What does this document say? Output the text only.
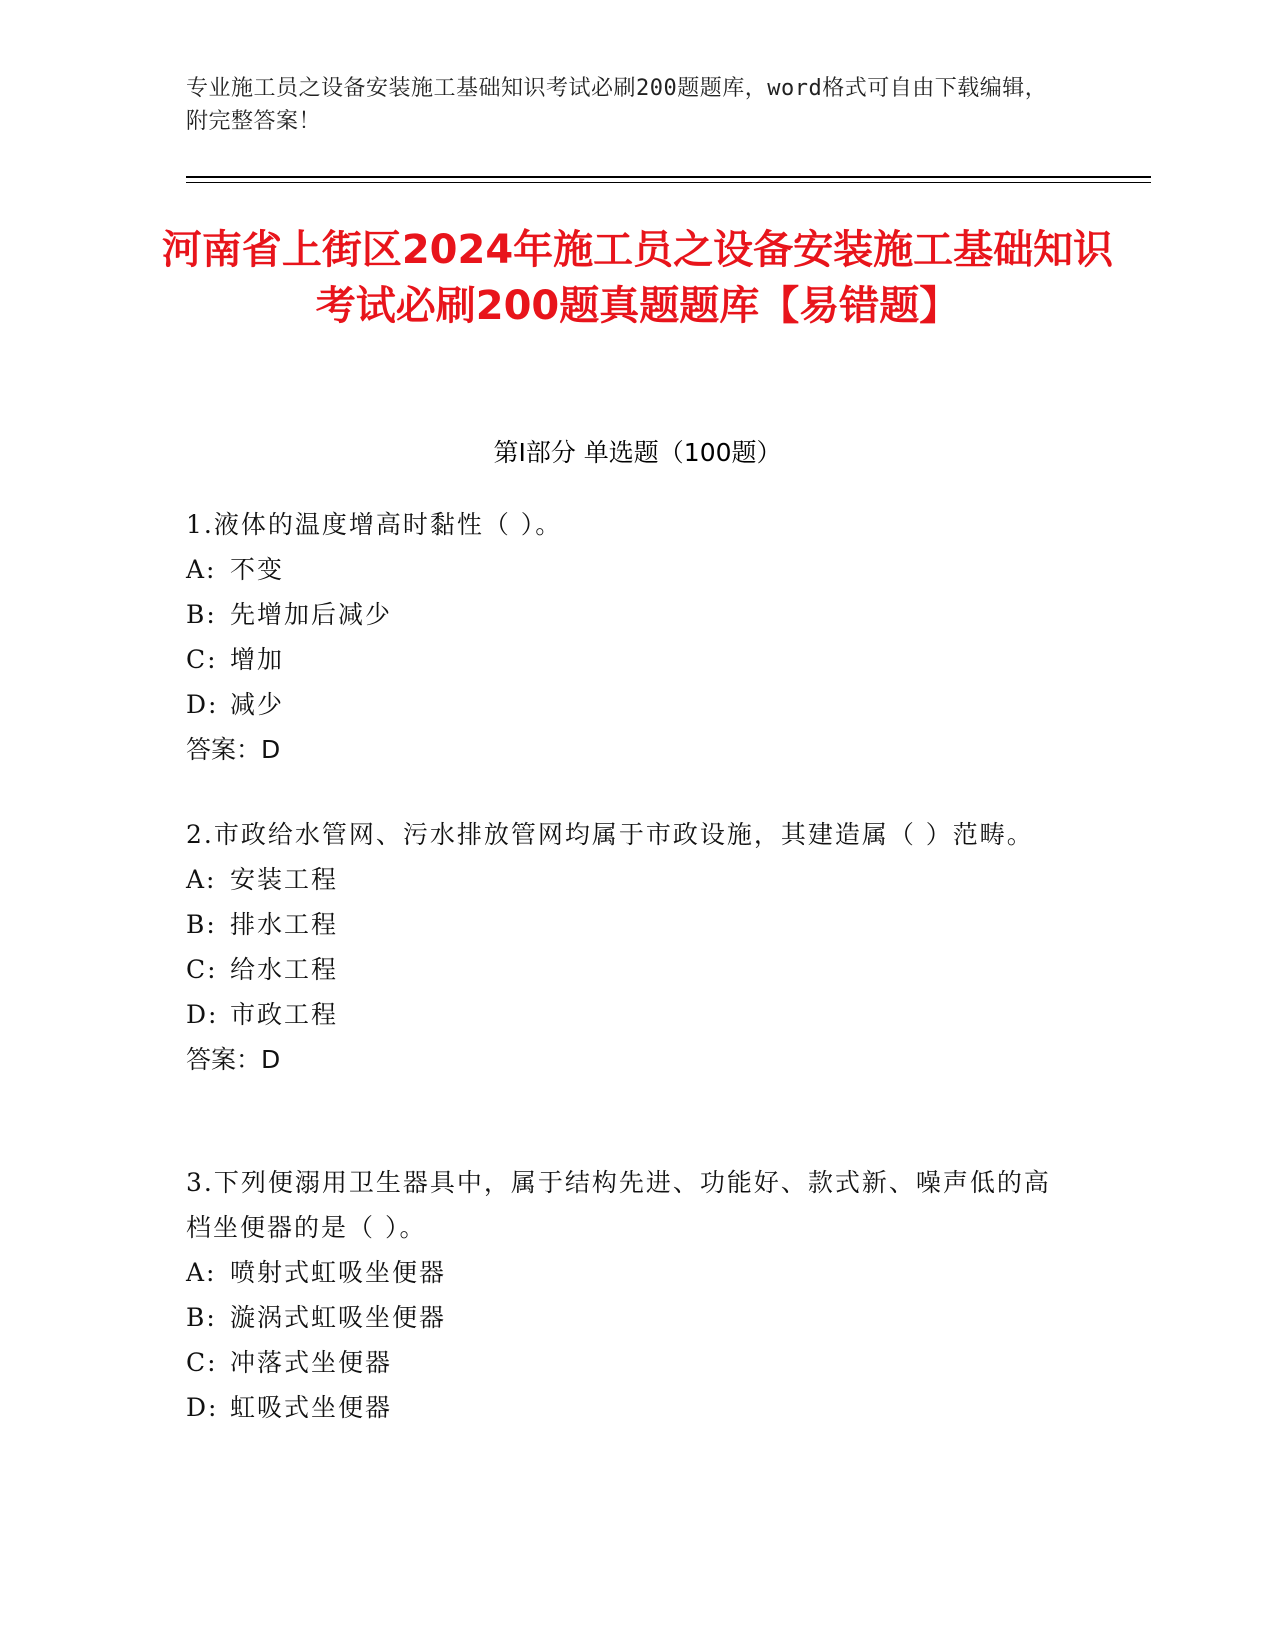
专业施工员之设备安装施工基础知识考试必刷200题题库，word格式可自由下载编辑，附完整答案！
河南省上街区2024年施工员之设备安装施工基础知识考试必刷200题真题题库【易错题】
第I部分 单选题（100题）
1.液体的温度增高时黏性（ ）。
A: 不变
B: 先增加后减少
C: 增加
D: 减少
答案：D
2.市政给水管网、污水排放管网均属于市政设施，其建造属（ ）范畴。
A: 安装工程
B: 排水工程
C: 给水工程
D: 市政工程
答案：D
3.下列便溺用卫生器具中，属于结构先进、功能好、款式新、噪声低的高档坐便器的是（ ）。
A: 喷射式虹吸坐便器
B: 漩涡式虹吸坐便器
C: 冲落式坐便器
D: 虹吸式坐便器
